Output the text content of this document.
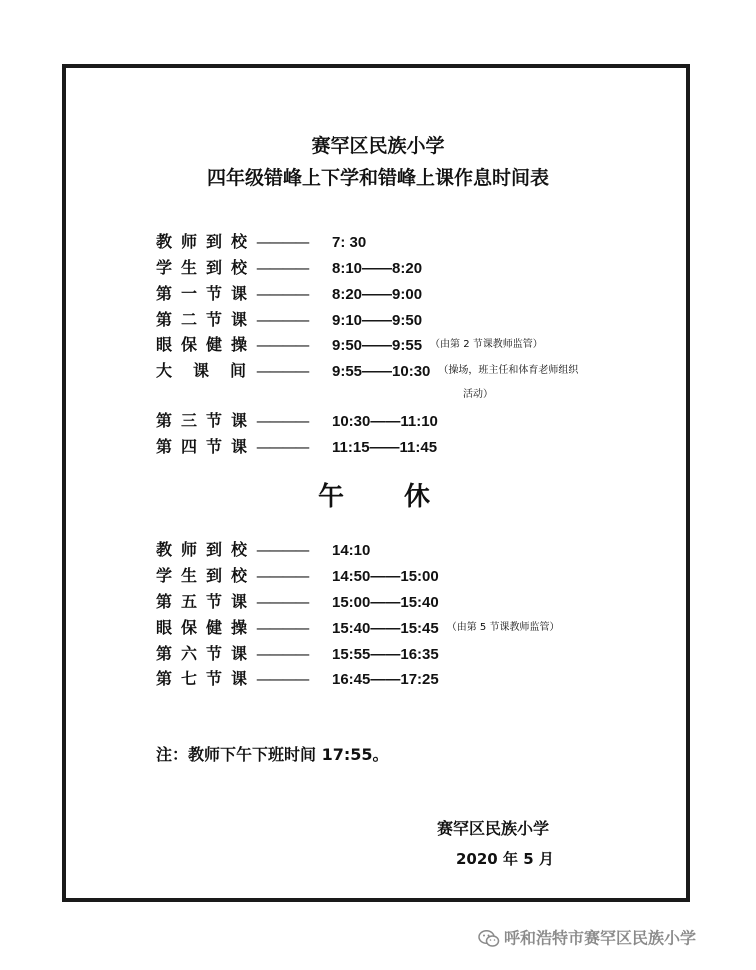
赛罕区民族小学
四年级错峰上下学和错峰上课作息时间表
教 师 到 校 ———— 7: 30
学 生 到 校 ———— 8:10——8:20
第 一 节 课 ———— 8:20——9:00
第 二 节 课 ———— 9:10——9:50
眼 保 健 操 ———— 9:50——9:55 （由第 2 节课教师监管）
大 课 间 ———— 9:55——10:30 （操场，班主任和体育老师组织
活动）
第 三 节 课 ———— 10:30——11:10
第 四 节 课 ———— 11:15——11:45
午 休
教 师 到 校 ———— 14:10
学 生 到 校 ———— 14:50——15:00
第 五 节 课 ———— 15:00——15:40
眼 保 健 操 ———— 15:40——15:45 （由第 5 节课教师监管）
第 六 节 课 ———— 15:55——16:35
第 七 节 课 ———— 16:45——17:25
注：教师下午下班时间 17:55。
赛罕区民族小学
2020 年 5 月
呼和浩特市赛罕区民族小学
